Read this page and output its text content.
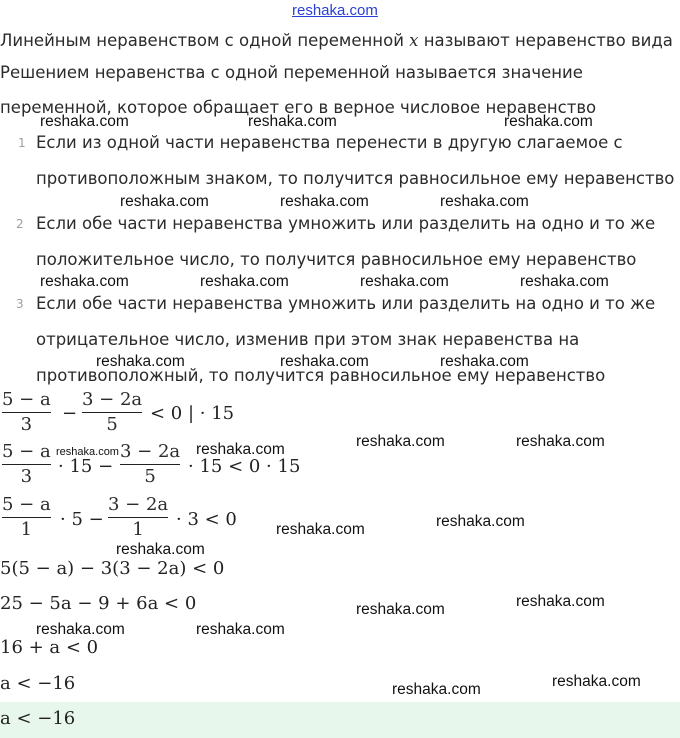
reshaka.com
Линейным неравенством с одной переменной x называют неравенство вида
Решением неравенства с одной переменной называется значение
переменной, которое обращает его в верное числовое неравенство
1 Если из одной части неравенства перенести в другую слагаемое с
противоположным знаком, то получится равносильное ему неравенство
2 Если обе части неравенства умножить или разделить на одно и то же
положительное число, то получится равносильное ему неравенство
3 Если обе части неравенства умножить или разделить на одно и то же
отрицательное число, изменив при этом знак неравенства на
противоположный, то получится равносильное ему неравенство
5 − a
3
−
3 − 2a
5
< 0 | · 15
5 − a
3 · 15 −
3 − 2a
5 · 15 < 0 · 15
5 − a
1 · 5 −
3 − 2a
1 · 3 < 0
5(5 − a) − 3(3 − 2a) < 0
25 − 5a − 9 + 6a < 0
16 + a < 0
a < −16
a < −16
reshaka.com	reshaka.com	reshaka.com
reshaka.com	reshaka.com	reshaka.com
reshaka.com	reshaka.com	reshaka.com	reshaka.com
reshaka.com	reshaka.com	reshaka.com
reshaka.com	reshaka.com	reshaka.com	reshaka.com
reshaka.com	reshaka.com
reshaka.com
reshaka.com	reshaka.com
reshaka.com	reshaka.com
reshaka.com	reshaka.com
